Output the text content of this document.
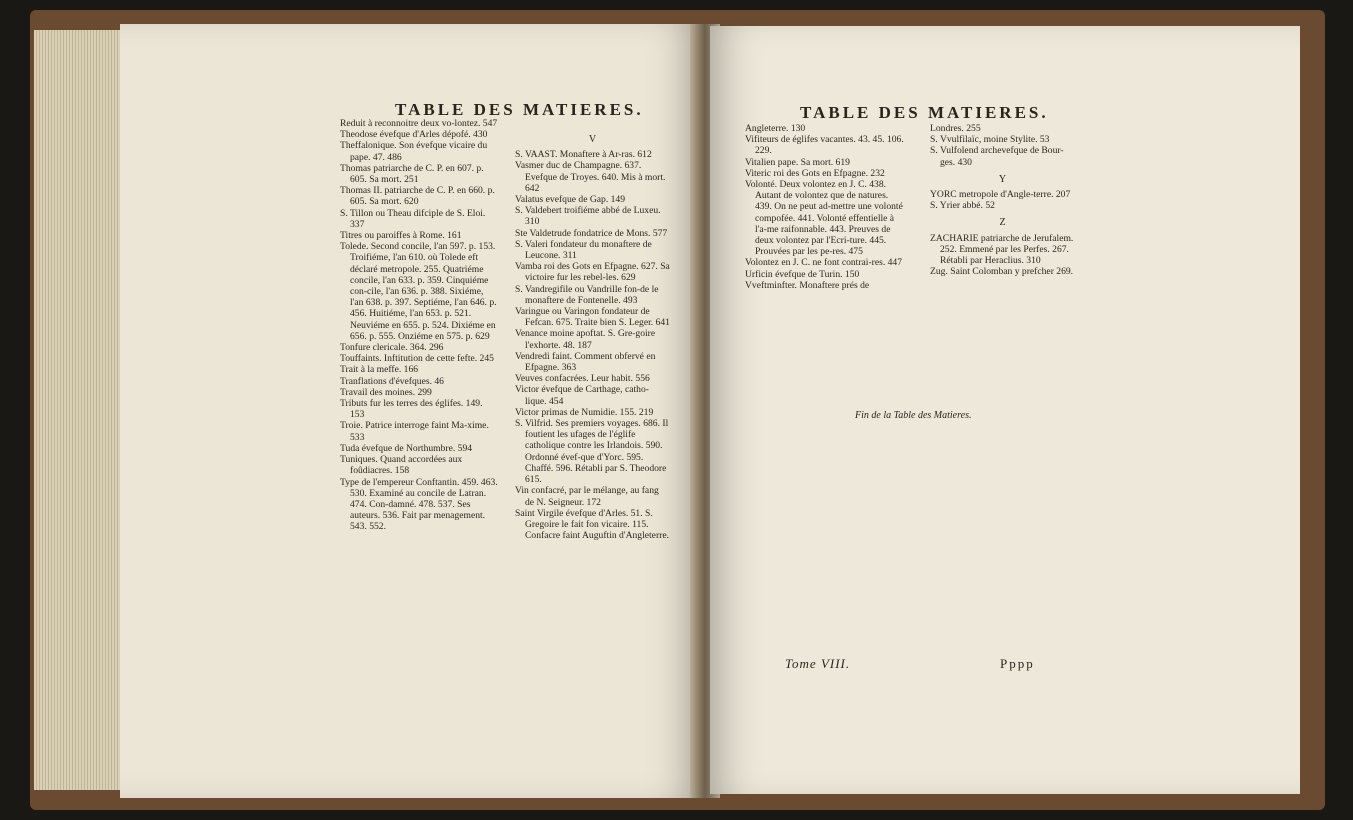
TABLE DES MATIERES.	TABLE DES MATIERES.

Reduit à reconnoitre deux vo-lontez. 547

Theodose évefque d'Arles dépofé. 430

Theffalonique. Son évefque vicaire du pape. 47. 486

Thomas patriarche de C. P. en 607. p. 605. Sa mort. 251

Thomas II. patriarche de C. P. en 660. p. 605. Sa mort. 620

S. Tillon ou Theau difciple de S. Eloi. 337

Titres ou paroiffes à Rome. 161

Tolede. Second concile, l'an 597. p. 153. Troifiéme, l'an 610. où Tolede eft déclaré metropole. 255. Quatriéme concile, l'an 633. p. 359. Cinquiéme con-cile, l'an 636. p. 388. Sixiéme, l'an 638. p. 397. Septiéme, l'an 646. p. 456. Huitiéme, l'an 653. p. 521. Neuviéme en 655. p. 524. Dixiéme en 656. p. 555. Onziéme en 575. p. 629

Tonfure clericale. 364. 296

Touffaints. Inftitution de cette fefte. 245

Trait à la meffe. 166

Tranflations d'évefques. 46

Travail des moines. 299

Tributs fur les terres des églifes. 149. 153

Troie. Patrice interroge faint Ma-xime. 533

Tuda évefque de Northumbre. 594

Tuniques. Quand accordées aux foûdiacres. 158

Type de l'empereur Conftantin. 459. 463. 530. Examiné au concile de Latran. 474. Con-damné. 478. 537. Ses auteurs. 536. Fait par menagement. 543. 552.

V

S. VAAST. Monaftere à Ar-ras. 612

Vasmer duc de Champagne. 637. Evefque de Troyes. 640. Mis à mort. 642

Valatus evefque de Gap. 149

S. Valdebert troifiéme abbé de Luxeu. 310

Ste Valdetrude fondatrice de Mons. 577

S. Valeri fondateur du monaftere de Leucone. 311

Vamba roi des Gots en Efpagne. 627. Sa victoire fur les rebel-les. 629

S. Vandregifile ou Vandrille fon-de le monaftere de Fontenelle. 493

Varingue ou Varingon fondateur de Fefcan. 675. Traite bien S. Leger. 641

Venance moine apoftat. S. Gre-goire l'exhorte. 48. 187

Vendredi faint. Comment obfervé en Efpagne. 363

Veuves confacrées. Leur habit. 556

Victor évefque de Carthage, catho-lique. 454

Victor primas de Numidie. 155. 219

S. Vilfrid. Ses premiers voyages. 686. Il foutient les ufages de l'églife catholique contre les Irlandois. 590. Ordonné évef-que d'Yorc. 595. Chaffé. 596. Rétabli par S. Theodore 615.

Vin confacré, par le mélange, au fang de N. Seigneur. 172

Saint Virgile évefque d'Arles. 51. S. Gregoire le fait fon vicaire. 115. Confacre faint Auguftin d'Angleterre.

Angleterre. 130

Vifiteurs de églifes vacantes. 43. 45. 106. 229.

Vitalien pape. Sa mort. 619

Viteric roi des Gots en Efpagne. 232

Volonté. Deux volontez en J. C. 438. Autant de volontez que de natures. 439. On ne peut ad-mettre une volonté compofée. 441. Volonté effentielle à l'a-me raifonnable. 443. Preuves de deux volontez par l'Ecri-ture. 445. Prouvées par les pe-res. 475

Volontez en J. C. ne font contrai-res. 447

Urficin évefque de Turin. 150

Vveftminfter. Monaftere prés de

Londres. 255

S. Vvulfilaïc, moine Stylite. 53

S. Vulfolend archevefque de Bour-ges. 430

Y

YORC metropole d'Angle-terre. 207

S. Yrier abbé. 52

Z

ZACHARIE patriarche de Jerufalem. 252. Emmené par les Perfes. 267. Rétabli par Heraclius. 310

Zug. Saint Colomban y prefcher 269.

Fin de la Table des Matieres.
Tome VIII.	Pppp
